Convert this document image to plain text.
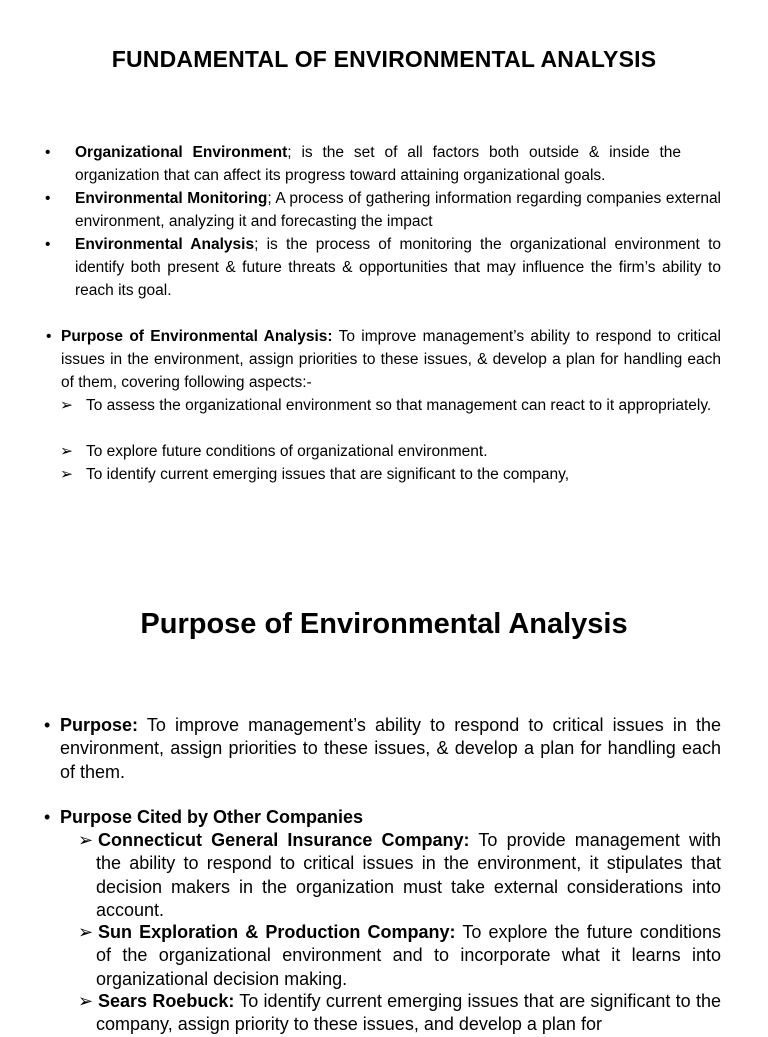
FUNDAMENTAL OF ENVIRONMENTAL ANALYSIS
• Organizational Environment; is the set of all factors both outside & inside the organization that can affect its progress toward attaining organizational goals.
• Environmental Monitoring; A process of gathering information regarding companies external environment, analyzing it and forecasting the impact
• Environmental Analysis; is the process of monitoring the organizational environment to identify both present & future threats & opportunities that may influence the firm’s ability to reach its goal.
• Purpose of Environmental Analysis: To improve management’s ability to respond to critical issues in the environment, assign priorities to these issues, & develop a plan for handling each of them, covering following aspects:-
➢ To assess the organizational environment so that management can react to it appropriately.
➢ To explore future conditions of organizational environment.
➢ To identify current emerging issues that are significant to the company,
Purpose of Environmental Analysis
• Purpose: To improve management’s ability to respond to critical issues in the environment, assign priorities to these issues, & develop a plan for handling each of them.
• Purpose Cited by Other Companies
➢ Connecticut General Insurance Company: To provide management with the ability to respond to critical issues in the environment, it stipulates that decision makers in the organization must take external considerations into account.
➢ Sun Exploration & Production Company: To explore the future conditions of the organizational environment and to incorporate what it learns into organizational decision making.
➢ Sears Roebuck: To identify current emerging issues that are significant to the company, assign priority to these issues, and develop a plan for
